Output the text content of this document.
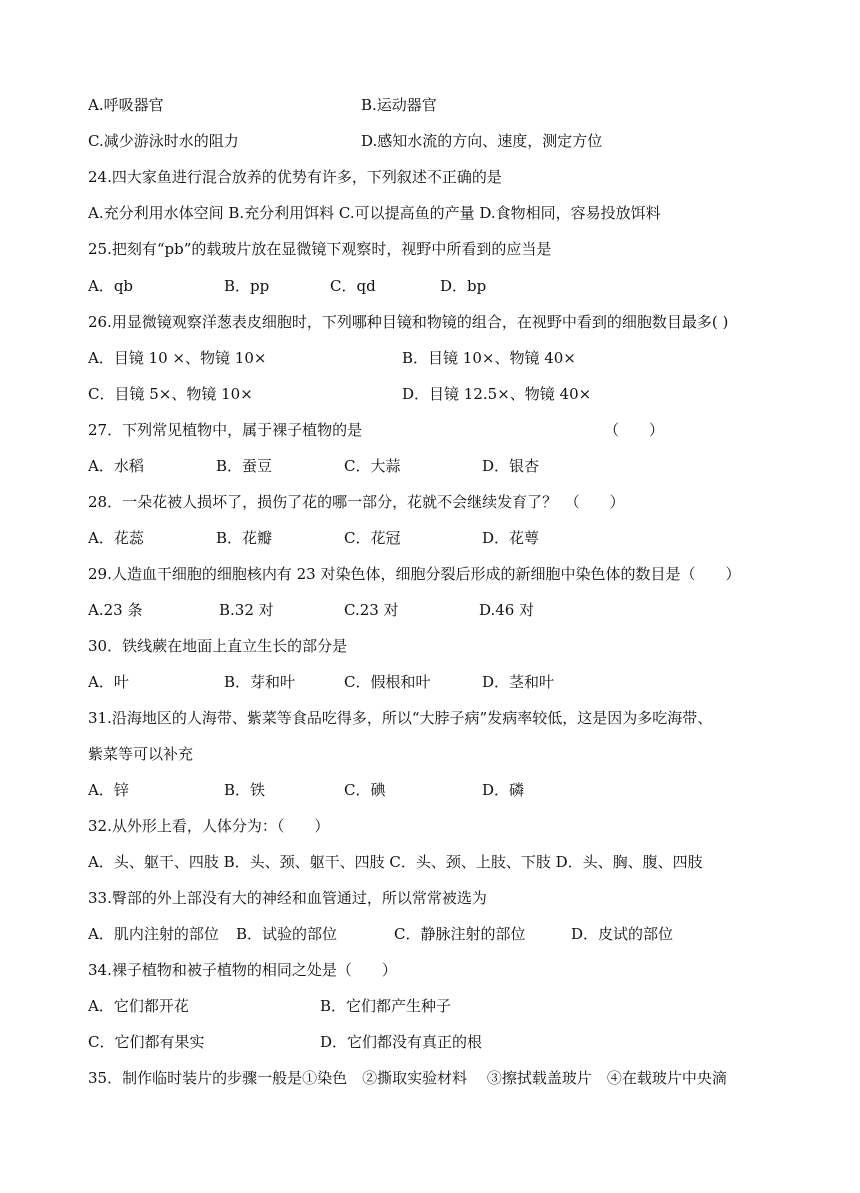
A.呼吸器官	B.运动器官
C.减少游泳时水的阻力	D.感知水流的方向、速度，测定方位
24.四大家鱼进行混合放养的优势有许多，下列叙述不正确的是
A.充分利用水体空间 B.充分利用饵料 C.可以提高鱼的产量 D.食物相同，容易投放饵料
25.把刻有“pb”的载玻片放在显微镜下观察时，视野中所看到的应当是
A．qb	B．pp	C．qd	D．bp
26.用显微镜观察洋葱表皮细胞时，下列哪种目镜和物镜的组合，在视野中看到的细胞数目最多( )
A．目镜 10 ×、物镜 10×	B．目镜 10×、物镜 40×
C．目镜 5×、物镜 10×	D．目镜 12.5×、物镜 40×
27．下列常见植物中，属于裸子植物的是	（　　）
A．水稻	B．蚕豆	C．大蒜	D．银杏
28．一朵花被人损坏了，损伤了花的哪一部分，花就不会继续发育了？　（　　）
A．花蕊	B．花瓣	C．花冠	D．花萼
29.人造血干细胞的细胞核内有 23 对染色体，细胞分裂后形成的新细胞中染色体的数目是（　　）
A.23 条	B.32 对	C.23 对	D.46 对
30．铁线蕨在地面上直立生长的部分是
A．叶	B．芽和叶	C．假根和叶	D．茎和叶
31.沿海地区的人海带、紫菜等食品吃得多，所以“大脖子病”发病率较低，这是因为多吃海带、
紫菜等可以补充
A．锌	B．铁	C．碘	D．磷
32.从外形上看，人体分为：（　　）
A．头、躯干、四肢 B．头、颈、躯干、四肢 C．头、颈、上肢、下肢 D．头、胸、腹、四肢
33.臀部的外上部没有大的神经和血管通过，所以常常被选为
A．肌内注射的部位 B．试验的部位	C．静脉注射的部位	D．皮试的部位
34.裸子植物和被子植物的相同之处是（　　）
A．它们都开花	B．它们都产生种子
C．它们都有果实	D．它们都没有真正的根
35．制作临时装片的步骤一般是①染色　②撕取实验材料　 ③擦拭载盖玻片　④在载玻片中央滴
